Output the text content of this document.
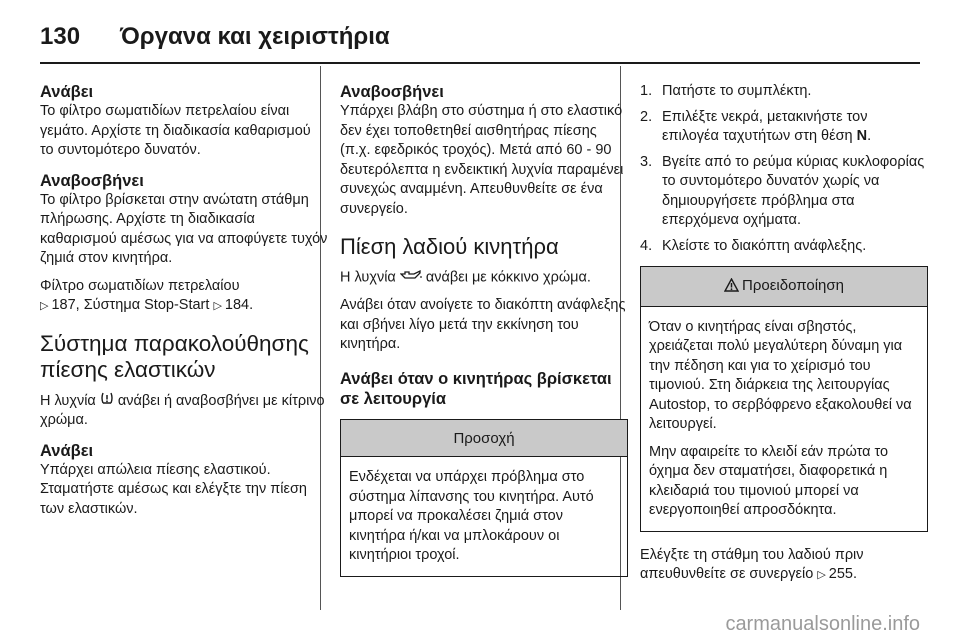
130	Όργανα και χειριστήρια
Ανάβει

Το φίλτρο σωματιδίων πετρελαίου είναι γεμάτο. Αρχίστε τη διαδικασία καθαρισμού το συντομότερο δυνατόν.

Αναβοσβήνει

Το φίλτρο βρίσκεται στην ανώτατη στάθμη πλήρωσης. Αρχίστε τη διαδικασία καθαρισμού αμέσως για να αποφύγετε τυχόν ζημιά στον κινητήρα.

Φίλτρο σωματιδίων πετρελαίου
▷ 187, Σύστημα Stop-Start ▷ 184.

Σύστημα παρακολούθησης πίεσης ελαστικών

Η λυχνία ανάβει ή αναβοσβήνει με κίτρινο χρώμα.

Ανάβει

Υπάρχει απώλεια πίεσης ελαστικού. Σταματήστε αμέσως και ελέγξτε την πίεση των ελαστικών.

Αναβοσβήνει

Υπάρχει βλάβη στο σύστημα ή στο ελαστικό δεν έχει τοποθετηθεί αισθητήρας πίεσης (π.χ. εφεδρικός τροχός). Μετά από 60 - 90 δευτερόλεπτα η ενδεικτική λυχνία παραμένει συνεχώς αναμμένη. Απευθυνθείτε σε ένα συνεργείο.

Πίεση λαδιού κινητήρα

Η λυχνία ανάβει με κόκκινο χρώμα.

Ανάβει όταν ανοίγετε το διακόπτη ανάφλεξης και σβήνει λίγο μετά την εκκίνηση του κινητήρα.

Ανάβει όταν ο κινητήρας βρίσκεται σε λειτουργία
Προσοχή
Ενδέχεται να υπάρχει πρόβλημα στο σύστημα λίπανσης του κινητήρα. Αυτό μπορεί να προκαλέσει ζημιά στον κινητήρα ή/και να μπλοκάρουν οι κινητήριοι τροχοί.
1. Πατήστε το συμπλέκτη.
2. Επιλέξτε νεκρά, μετακινήστε τον επιλογέα ταχυτήτων στη θέση N.
3. Βγείτε από το ρεύμα κύριας κυκλοφορίας το συντομότερο δυνατόν χωρίς να δημιουργήσετε πρόβλημα στα επερχόμενα οχήματα.
4. Κλείστε το διακόπτη ανάφλεξης.
Προειδοποίηση

Όταν ο κινητήρας είναι σβηστός, χρειάζεται πολύ μεγαλύτερη δύναμη για την πέδηση και για το χείρισμό του τιμονιού. Στη διάρκεια της λειτουργίας Autostop, το σερβόφρενο εξακολουθεί να λειτουργεί.

Μην αφαιρείτε το κλειδί εάν πρώτα το όχημα δεν σταματήσει, διαφορετικά η κλειδαριά του τιμονιού μπορεί να ενεργοποιηθεί απροσδόκητα.

Ελέγξτε τη στάθμη του λαδιού πριν απευθυνθείτε σε συνεργείο ▷ 255.

carmanualsonline.info
